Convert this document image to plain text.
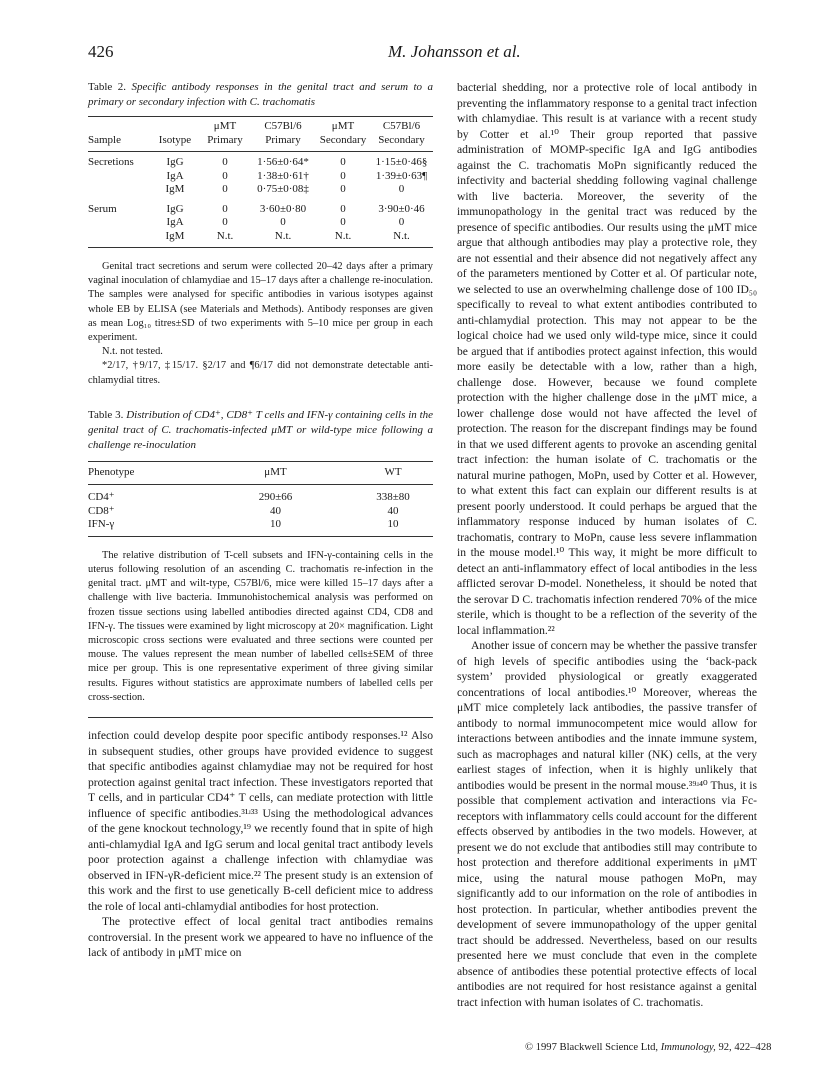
426	M. Johansson et al.
Table 2. Specific antibody responses in the genital tract and serum to a primary or secondary infection with C. trachomatis
Sample	Isotype	μMT Primary	C57Bl/6 Primary	μMT Secondary	C57Bl/6 Secondary
Secretions	IgG	0	1·56±0·64*	0	1·15±0·46§
	IgA	0	1·38±0·61†	0	1·39±0·63¶
	IgM	0	0·75±0·08‡	0	0
Serum	IgG	0	3·60±0·80	0	3·90±0·46
	IgA	0	0	0	0
	IgM	N.t.	N.t.	N.t.	N.t.

Genital tract secretions and serum were collected 20–42 days after a primary vaginal inoculation of chlamydiae and 15–17 days after a challenge re-inoculation. The samples were analysed for specific antibodies in various isotypes against whole EB by ELISA (see Materials and Methods). Antibody responses are given as mean Log₁₀ titres±SD of two experiments with 5–10 mice per group in each experiment.

N.t. not tested.

*2/17, †9/17, ‡15/17. §2/17 and ¶6/17 did not demonstrate detectable anti-chlamydial titres.

Table 3. Distribution of CD4⁺, CD8⁺ T cells and IFN-γ containing cells in the genital tract of C. trachomatis-infected μMT or wild-type mice following a challenge re-inoculation
Phenotype	μMT	WT
CD4⁺	290±66	338±80
CD8⁺	40	40
IFN-γ	10	10

The relative distribution of T-cell subsets and IFN-γ-containing cells in the uterus following resolution of an ascending C. trachomatis re-infection in the genital tract. μMT and wilt-type, C57Bl/6, mice were killed 15–17 days after a challenge with live bacteria. Immunohistochemical analysis was performed on frozen tissue sections using labelled antibodies directed against CD4, CD8 and IFN-γ. The tissues were examined by light microscopy at 20× magnification. Light microscopic cross sections were evaluated and three sections were counted per mouse. The values represent the mean number of labelled cells±SEM of three mice per group. This is one representative experiment of three giving similar results. Figures without statistics are approximate numbers of labelled cells per cross-section.

infection could develop despite poor specific antibody responses.¹² Also in subsequent studies, other groups have provided evidence to suggest that specific antibodies against chlamydiae may not be required for host protection against genital tract infection. These investigators reported that T cells, and in particular CD4⁺ T cells, can mediate protection with little influence of specific antibodies.³¹ʴ³³ Using the methodological advances of the gene knockout technology,¹⁹ we recently found that in spite of high anti-chlamydial IgA and IgG serum and local genital tract antibody levels poor protection against a challenge infection with chlamydiae was observed in IFN-γR-deficient mice.²² The present study is an extension of this work and the first to use genetically B-cell deficient mice to address the role of local anti-chlamydial antibodies for host protection.

The protective effect of local genital tract antibodies remains controversial. In the present work we appeared to have no influence of the lack of antibody in μMT mice on

bacterial shedding, nor a protective role of local antibody in preventing the inflammatory response to a genital tract infection with chlamydiae. This result is at variance with a recent study by Cotter et al.¹⁰ Their group reported that passive administration of MOMP-specific IgA and IgG antibodies against the C. trachomatis MoPn significantly reduced the infectivity and bacterial shedding following vaginal challenge with live bacteria. Moreover, the severity of the immunopathology in the genital tract was reduced by the presence of specific antibodies. Our results using the μMT mice argue that although antibodies may play a protective role, they are not essential and their absence did not negatively affect any of the parameters mentioned by Cotter et al. Of particular note, we selected to use an overwhelming challenge dose of 100 ID₅₀ specifically to reveal to what extent antibodies contributed to anti-chlamydial protection. This may not appear to be the logical choice had we used only wild-type mice, since it could be argued that if antibodies protect against infection, this would more easily be detectable with a low, rather than a high, challenge dose. However, because we found complete protection with the higher challenge dose in the μMT mice, a lower challenge dose would not have affected the level of protection. The reason for the discrepant findings may be found in that we used different agents to provoke an ascending genital tract infection: the human isolate of C. trachomatis or the natural murine pathogen, MoPn, used by Cotter et al. However, to what extent this fact can explain our different results is at present poorly understood. It could perhaps be argued that the inflammatory response induced by human isolates of C. trachomatis, contrary to MoPn, cause less severe inflammation in the mouse model.¹⁰ This way, it might be more difficult to detect an anti-inflammatory effect of local antibodies in the less afflicted serovar D-model. Nonetheless, it should be noted that the serovar D C. trachomatis infection rendered 70% of the mice sterile, which is thought to be a reflection of the severity of the local inflammation.²²

Another issue of concern may be whether the passive transfer of high levels of specific antibodies using the ‘back-pack system’ provided physiological or greatly exaggerated concentrations of local antibodies.¹⁰ Moreover, whereas the μMT mice completely lack antibodies, the passive transfer of antibody to normal immunocompetent mice would allow for interactions between antibodies and the innate immune system, such as macrophages and natural killer (NK) cells, at the very earliest stages of infection, when it is highly unlikely that antibodies would be present in the normal mouse.³⁹ʴ⁴⁰ Thus, it is possible that complement activation and interactions via Fc-receptors with inflammatory cells could account for the different effects observed by antibodies in the two models. However, at present we do not exclude that antibodies still may contribute to host protection and therefore additional experiments in μMT mice, using the natural mouse pathogen MoPn, may significantly add to our information on the role of antibodies in host protection. In particular, whether antibodies prevent the development of severe immunopathology of the upper genital tract should be addressed. Nevertheless, based on our results presented here we must conclude that even in the complete absence of antibodies these potential protective effects of local antibodies are not required for host resistance against a genital tract infection with human isolates of C. trachomatis.

© 1997 Blackwell Science Ltd, Immunology, 92, 422–428
